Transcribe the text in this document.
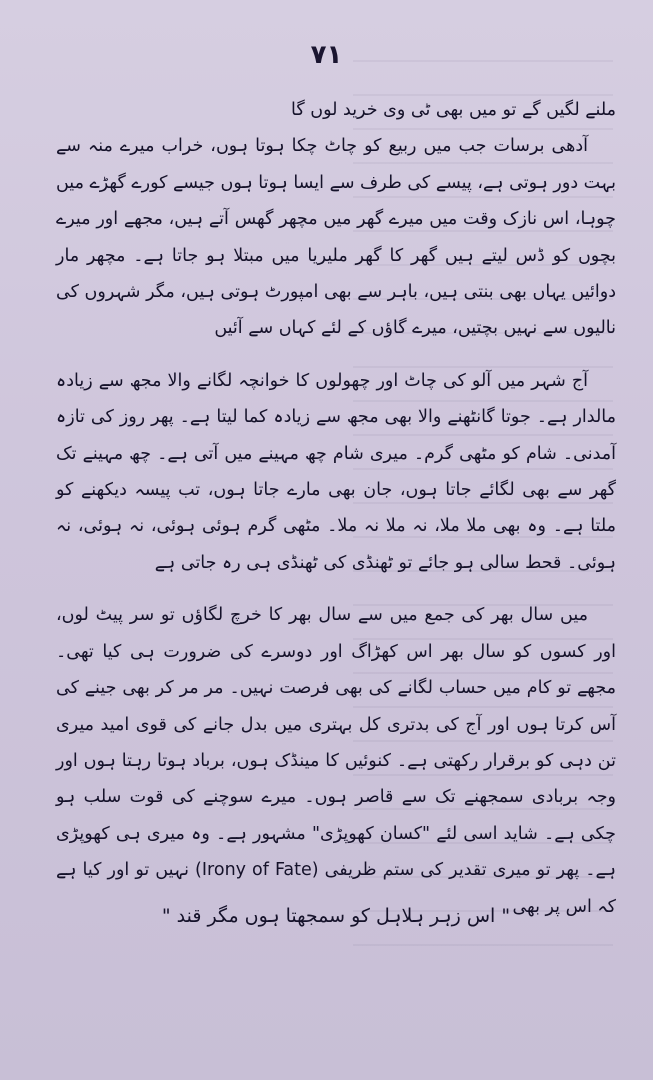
۷۱

ملنے لگیں گے تو میں بھی ٹی وی خرید لوں گا

آدھی برسات جب میں ربیع کو چاٹ چکا ہوتا ہوں، خراب میرے منہ سے بہت دور ہوتی ہے، پیسے کی طرف سے ایسا ہوتا ہوں جیسے کورے گھڑے میں چوہا، اس نازک وقت میں میرے گھر میں مچھر گھس آتے ہیں، مجھے اور میرے بچوں کو ڈس لیتے ہیں گھر کا گھر ملیریا میں مبتلا ہو جاتا ہے۔ مچھر مار دوائیں یہاں بھی بنتی ہیں، باہر سے بھی امپورٹ ہوتی ہیں، مگر شہروں کی نالیوں سے نہیں بچتیں، میرے گاؤں کے لئے کہاں سے آئیں

آج شہر میں آلو کی چاٹ اور چھولوں کا خوانچہ لگانے والا مجھ سے زیادہ مالدار ہے۔ جوتا گانٹھنے والا بھی مجھ سے زیادہ کما لیتا ہے۔ پھر روز کی تازہ آمدنی۔ شام کو مٹھی گرم۔ میری شام چھ مہینے میں آتی ہے۔ چھ مہینے تک گھر سے بھی لگائے جاتا ہوں، جان بھی مارے جاتا ہوں، تب پیسہ دیکھنے کو ملتا ہے۔ وہ بھی ملا ملا، نہ ملا نہ ملا۔ مٹھی گرم ہوئی ہوئی، نہ ہوئی، نہ ہوئی۔ قحط سالی ہو جائے تو ٹھنڈی کی ٹھنڈی ہی رہ جاتی ہے

میں سال بھر کی جمع میں سے سال بھر کا خرچ لگاؤں تو سر پیٹ لوں، اور کسوں کو سال بھر اس کھڑاگ اور دوسرے کی ضرورت ہی کیا تھی۔ مجھے تو کام میں حساب لگانے کی بھی فرصت نہیں۔ مر مر کر بھی جینے کی آس کرتا ہوں اور آج کی بدتری کل بہتری میں بدل جانے کی قوی امید میری تن دہی کو برقرار رکھتی ہے۔ کنوئیں کا مینڈک ہوں، برباد ہوتا رہتا ہوں اور وجہ بربادی سمجھنے تک سے قاصر ہوں۔ میرے سوچنے کی قوت سلب ہو چکی ہے۔ شاید اسی لئے "کسان کھوپڑی" مشہور ہے۔ وہ میری ہی کھوپڑی ہے۔ پھر تو میری تقدیر کی ستم ظریفی (Irony of Fate) نہیں تو اور کیا ہے کہ اس پر بھی

" اس زہر ہلاہل کو سمجھتا ہوں مگر قند "
